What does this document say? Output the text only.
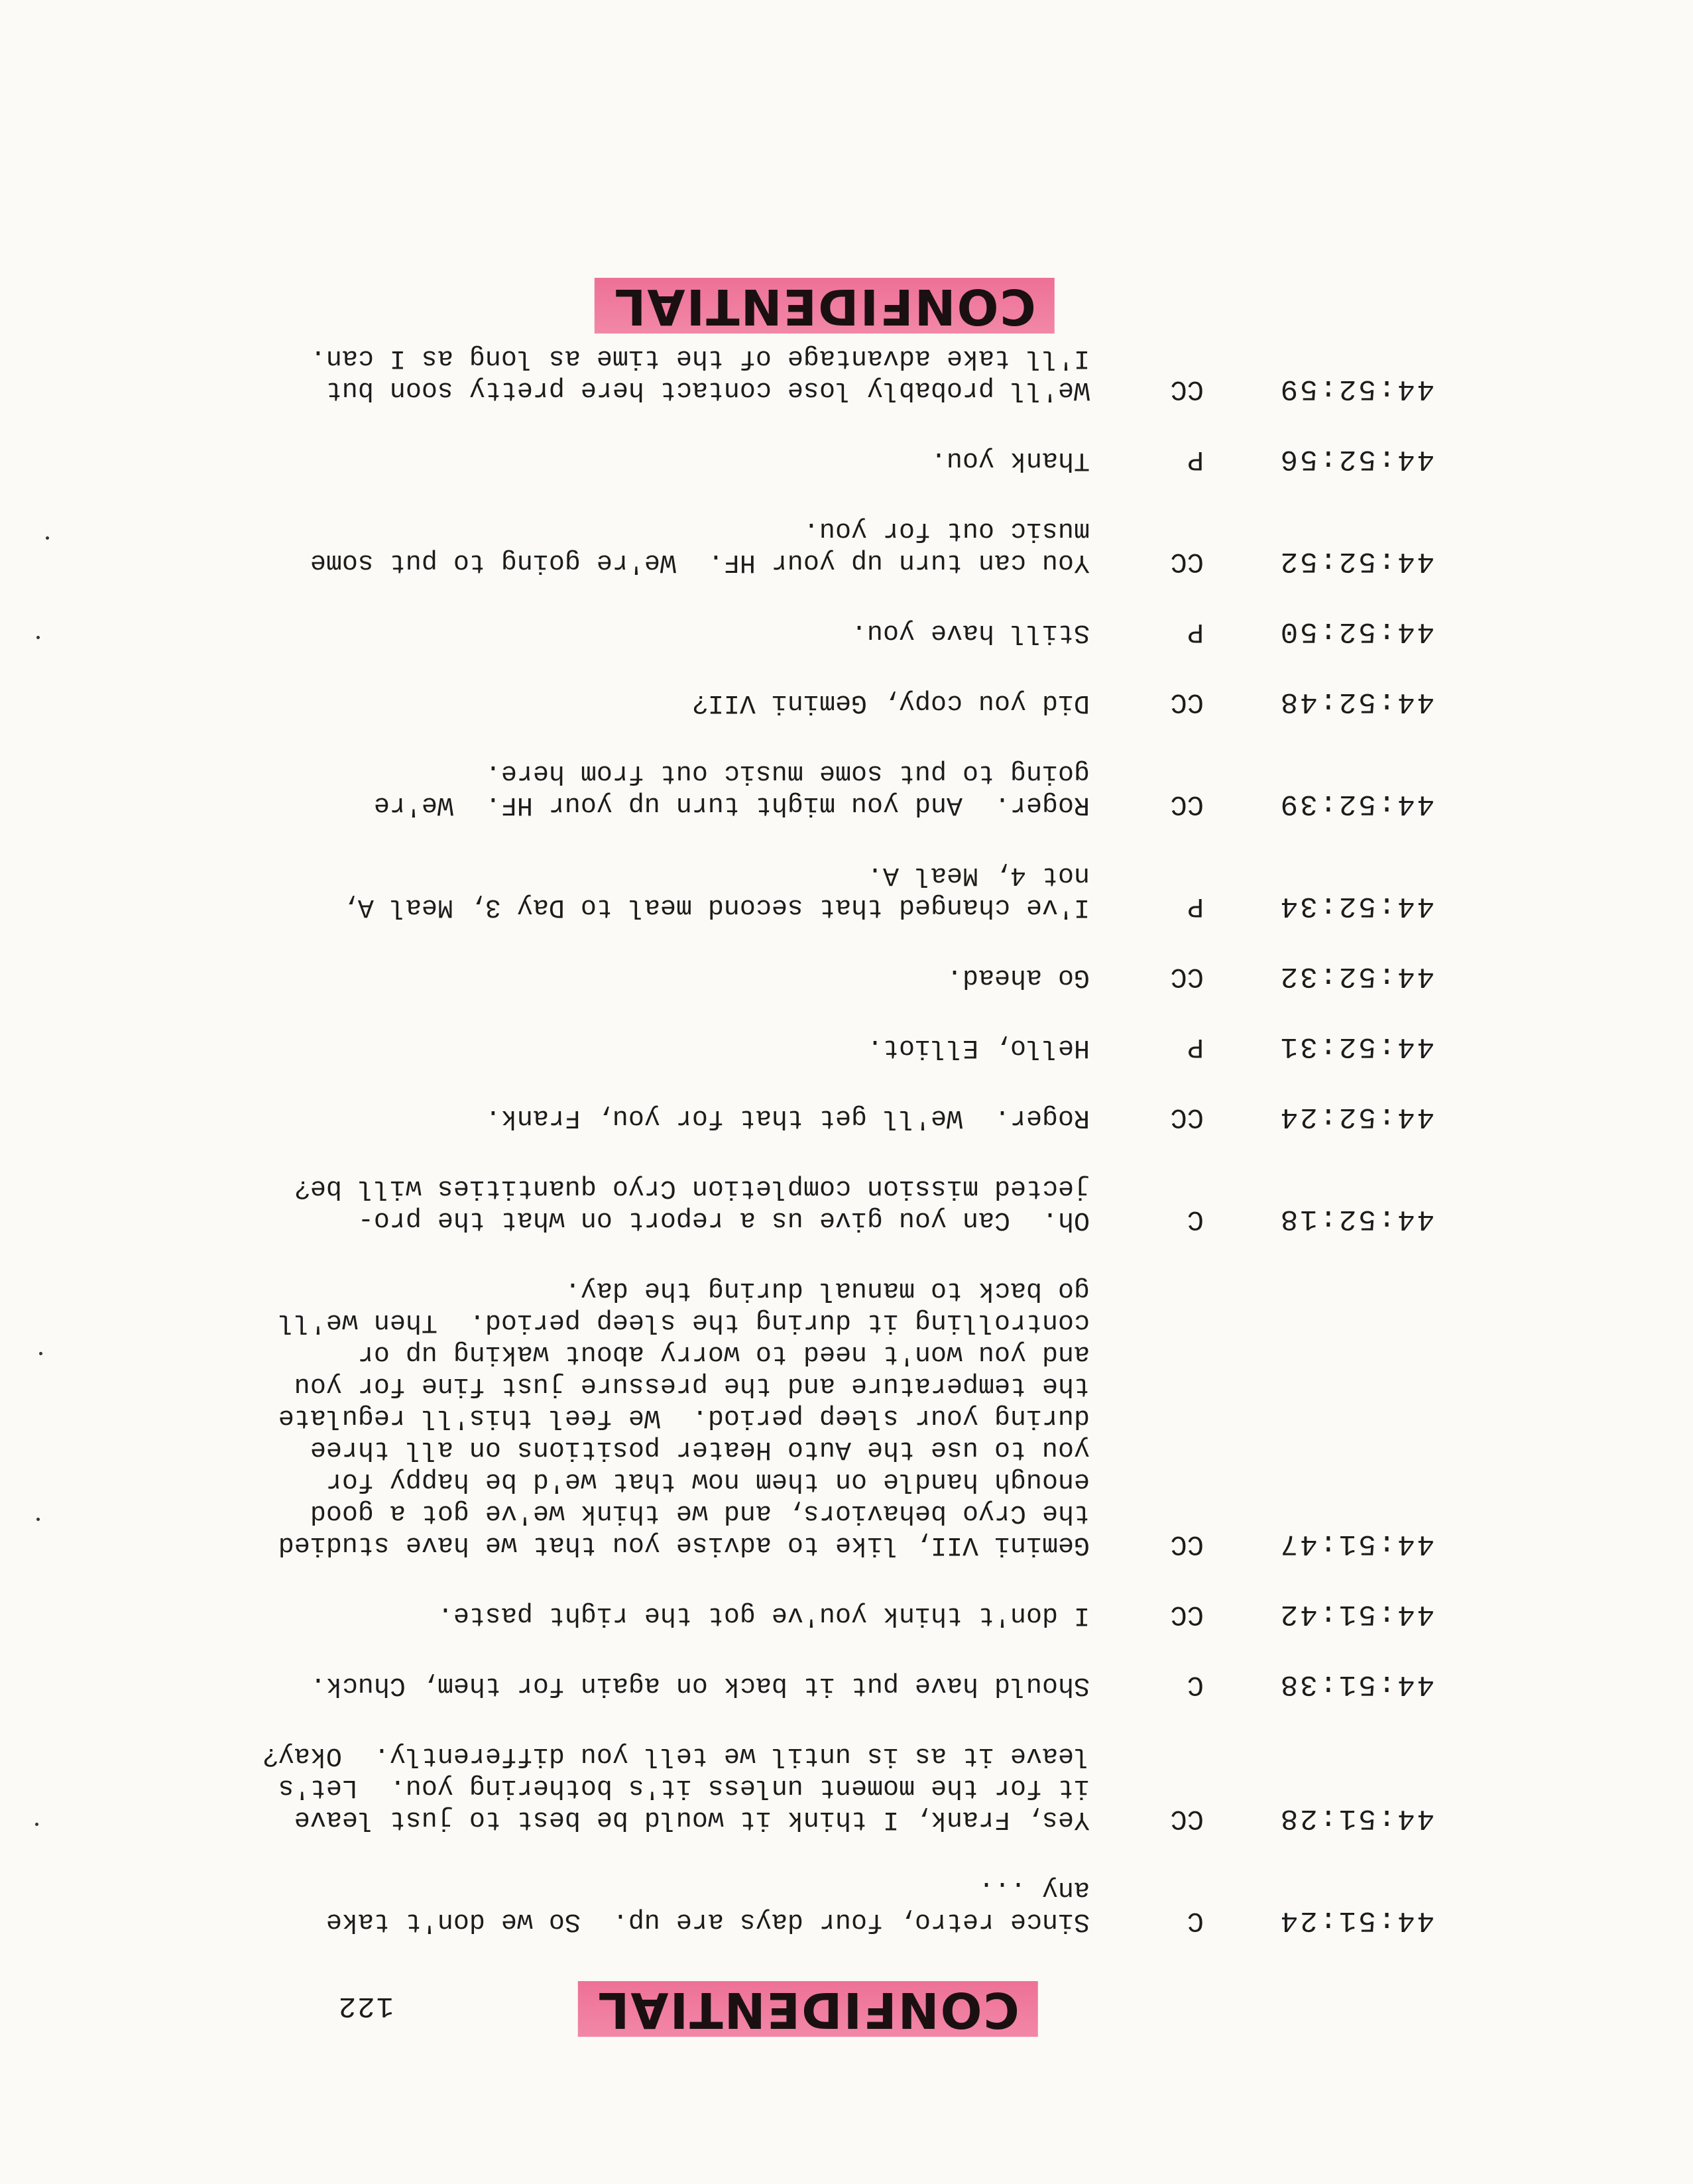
CONFIDENTIAL
122
44:51:24
C
Since retro, four days are up.  So we don't take
any ...
44:51:28
CC
Yes, Frank, I think it would be best to just leave
it for the moment unless it's bothering you.  Let's
leave it as is until we tell you differently.  Okay?
44:51:38
C
Should have put it back on again for them, Chuck.
44:51:42
CC
I don't think you've got the right paste.
44:51:47
CC
Gemini VII, like to advise you that we have studied
the Cryo behaviors, and we think we've got a good
enough handle on them now that we'd be happy for
you to use the Auto Heater positions on all three
during your sleep period.  We feel this'll regulate
the temperature and the pressure just fine for you
and you won't need to worry about waking up or
controlling it during the sleep period.  Then we'll
go back to manual during the day.
44:52:18
C
Oh.  Can you give us a report on what the pro-
jected mission completion Cryo quantities will be?
44:52:24
CC
Roger.  We'll get that for you, Frank.
44:52:31
P
Hello, Elliot.
44:52:32
CC
Go ahead.
44:52:34
P
I've changed that second meal to Day 3, Meal A,
not 4, Meal A.
44:52:39
CC
Roger.  And you might turn up your HF.  We're
going to put some music out from here.
44:52:48
CC
Did you copy, Gemini VII?
44:52:50
P
Still have you.
44:52:52
CC
You can turn up your HF.  We're going to put some
music out for you.
44:52:56
P
Thank you.
44:52:59
CC
We'll probably lose contact here pretty soon but
I'll take advantage of the time as long as I can.
CONFIDENTIAL
